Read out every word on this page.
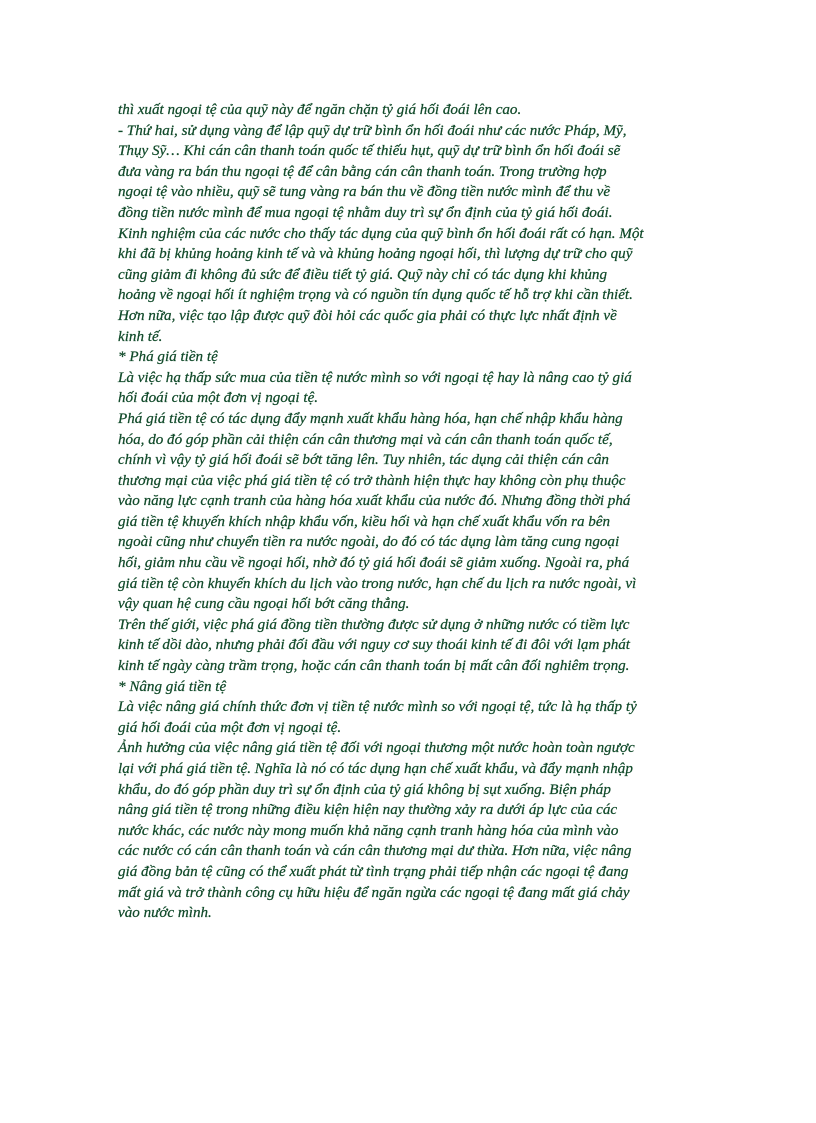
thì xuất ngoại tệ của quỹ này để ngăn chặn tỷ giá hối đoái lên cao.
- Thứ hai, sử dụng vàng để lập quỹ dự trữ bình ổn hối đoái như các nước Pháp, Mỹ,
Thụy Sỹ… Khi cán cân thanh toán quốc tế thiếu hụt, quỹ dự trữ bình ổn hối đoái sẽ
đưa vàng ra bán thu ngoại tệ để cân bằng cán cân thanh toán. Trong trường hợp
ngoại tệ vào nhiều, quỹ sẽ tung vàng ra bán thu về đồng tiền nước mình để thu về
đồng tiền nước mình để mua ngoại tệ nhằm duy trì sự ổn định của tỷ giá hối đoái.
Kinh nghiệm của các nước cho thấy tác dụng của quỹ bình ổn hối đoái rất có hạn. Một
khi đã bị khủng hoảng kinh tế và và khủng hoảng ngoại hối, thì lượng dự trữ cho quỹ
cũng giảm đi không đủ sức để điều tiết tỷ giá. Quỹ này chỉ có tác dụng khi khủng
hoảng về ngoại hối ít nghiệm trọng và có nguồn tín dụng quốc tế hỗ trợ khi cần thiết.
Hơn nữa, việc tạo lập được quỹ đòi hỏi các quốc gia phải có thực lực nhất định về
kinh tế.
* Phá giá tiền tệ
Là việc hạ thấp sức mua của tiền tệ nước mình so với ngoại tệ hay là nâng cao tỷ giá
hối đoái của một đơn vị ngoại tệ.
Phá giá tiền tệ có tác dụng đẩy mạnh xuất khẩu hàng hóa, hạn chế nhập khẩu hàng
hóa, do đó góp phần cải thiện cán cân thương mại và cán cân thanh toán quốc tế,
chính vì vậy tỷ giá hối đoái sẽ bớt tăng lên. Tuy nhiên, tác dụng cải thiện cán cân
thương mại của việc phá giá tiền tệ có trở thành hiện thực hay không còn phụ thuộc
vào năng lực cạnh tranh của hàng hóa xuất khẩu của nước đó. Nhưng đồng thời phá
giá tiền tệ khuyến khích nhập khẩu vốn, kiều hối và hạn chế xuất khẩu vốn ra bên
ngoài cũng như chuyển tiền ra nước ngoài, do đó có tác dụng làm tăng cung ngoại
hối, giảm nhu cầu về ngoại hối, nhờ đó tỷ giá hối đoái sẽ giảm xuống. Ngoài ra, phá
giá tiền tệ còn khuyến khích du lịch vào trong nước, hạn chế du lịch ra nước ngoài, vì
vậy quan hệ cung cầu ngoại hối bớt căng thẳng.
Trên thế giới, việc phá giá đồng tiền thường được sử dụng ở những nước có tiềm lực
kinh tế dồi dào, nhưng phải đối đầu với nguy cơ suy thoái kinh tế đi đôi với lạm phát
kinh tế ngày càng trầm trọng, hoặc cán cân thanh toán bị mất cân đối nghiêm trọng.
* Nâng giá tiền tệ
Là việc nâng giá chính thức đơn vị tiền tệ nước mình so với ngoại tệ, tức là hạ thấp tỷ
giá hối đoái của một đơn vị ngoại tệ.
Ảnh hưởng của việc nâng giá tiền tệ đối với ngoại thương một nước hoàn toàn ngược
lại với phá giá tiền tệ. Nghĩa là nó có tác dụng hạn chế xuất khẩu, và đẩy mạnh nhập
khẩu, do đó góp phần duy trì sự ổn định của tỷ giá không bị sụt xuống. Biện pháp
nâng giá tiền tệ trong những điều kiện hiện nay thường xảy ra dưới áp lực của các
nước khác, các nước này mong muốn khả năng cạnh tranh hàng hóa của mình vào
các nước có cán cân thanh toán và cán cân thương mại dư thừa. Hơn nữa, việc nâng
giá đồng bản tệ cũng có thể xuất phát từ tình trạng phải tiếp nhận các ngoại tệ đang
mất giá và trở thành công cụ hữu hiệu để ngăn ngừa các ngoại tệ đang mất giá chảy
vào nước mình.
